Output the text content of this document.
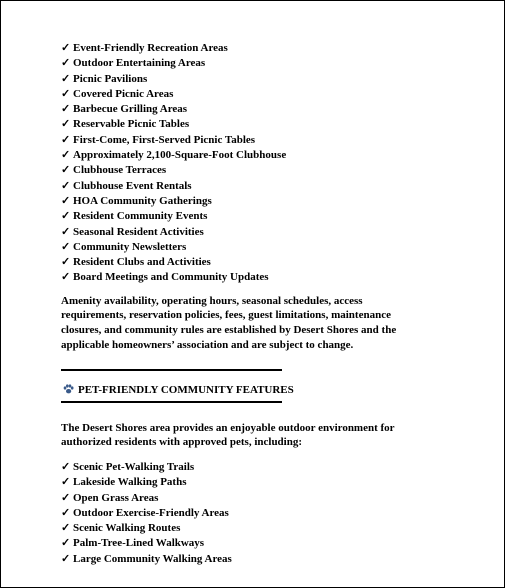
✓ Event-Friendly Recreation Areas
✓ Outdoor Entertaining Areas
✓ Picnic Pavilions
✓ Covered Picnic Areas
✓ Barbecue Grilling Areas
✓ Reservable Picnic Tables
✓ First-Come, First-Served Picnic Tables
✓ Approximately 2,100-Square-Foot Clubhouse
✓ Clubhouse Terraces
✓ Clubhouse Event Rentals
✓ HOA Community Gatherings
✓ Resident Community Events
✓ Seasonal Resident Activities
✓ Community Newsletters
✓ Resident Clubs and Activities
✓ Board Meetings and Community Updates
Amenity availability, operating hours, seasonal schedules, access
requirements, reservation policies, fees, guest limitations, maintenance
closures, and community rules are established by Desert Shores and the
applicable homeowners’ association and are subject to change.
PET-FRIENDLY COMMUNITY FEATURES
The Desert Shores area provides an enjoyable outdoor environment for
authorized residents with approved pets, including:
✓ Scenic Pet-Walking Trails
✓ Lakeside Walking Paths
✓ Open Grass Areas
✓ Outdoor Exercise-Friendly Areas
✓ Scenic Walking Routes
✓ Palm-Tree-Lined Walkways
✓ Large Community Walking Areas
